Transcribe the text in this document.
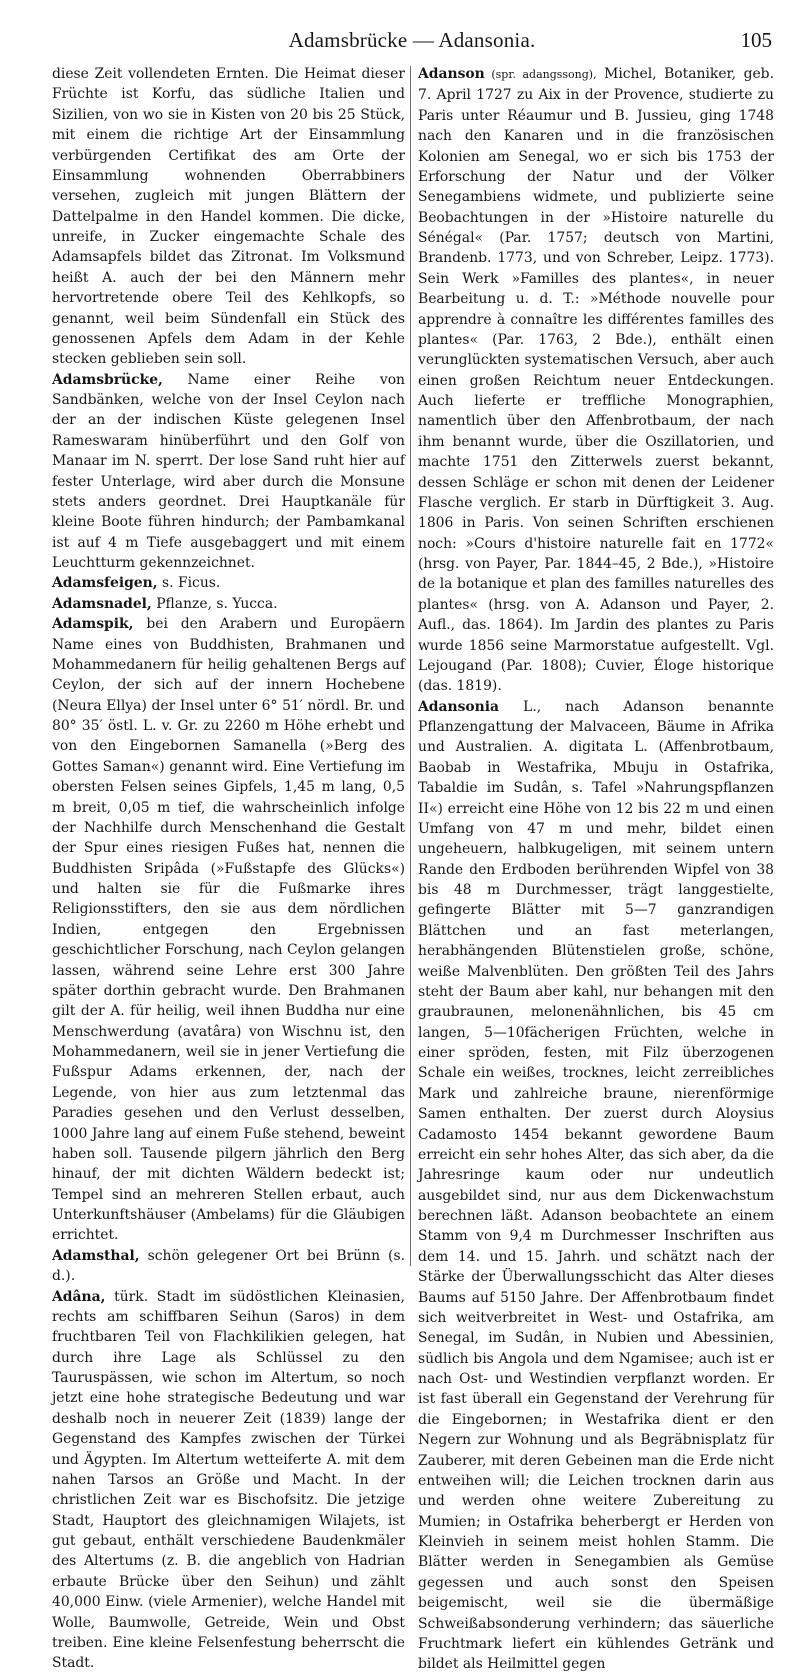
Adamsbrücke — Adansonia.	105

diese Zeit vollendeten Ernten. Die Heimat dieser Früchte ist Korfu, das südliche Italien und Sizilien, von wo sie in Kisten von 20 bis 25 Stück, mit einem die richtige Art der Einsammlung verbürgenden Certifikat des am Orte der Einsammlung wohnenden Oberrabbiners versehen, zugleich mit jungen Blättern der Dattelpalme in den Handel kommen. Die dicke, unreife, in Zucker eingemachte Schale des Adamsapfels bildet das Zitronat. Im Volksmund heißt A. auch der bei den Männern mehr hervortretende obere Teil des Kehlkopfs, so genannt, weil beim Sündenfall ein Stück des genossenen Apfels dem Adam in der Kehle stecken geblieben sein soll.

Adamsbrücke, Name einer Reihe von Sandbänken, welche von der Insel Ceylon nach der an der indischen Küste gelegenen Insel Rameswaram hinüberführt und den Golf von Manaar im N. sperrt. Der lose Sand ruht hier auf fester Unterlage, wird aber durch die Monsune stets anders geordnet. Drei Hauptkanäle für kleine Boote führen hindurch; der Pambamkanal ist auf 4 m Tiefe ausgebaggert und mit einem Leuchtturm gekennzeichnet.

Adamsfeigen, s. Ficus.

Adamsnadel, Pflanze, s. Yucca.

Adamspik, bei den Arabern und Europäern Name eines von Buddhisten, Brahmanen und Mohammedanern für heilig gehaltenen Bergs auf Ceylon, der sich auf der innern Hochebene (Neura Ellya) der Insel unter 6° 51′ nördl. Br. und 80° 35′ östl. L. v. Gr. zu 2260 m Höhe erhebt und von den Eingebornen Samanella (»Berg des Gottes Saman«) genannt wird. Eine Vertiefung im obersten Felsen seines Gipfels, 1,45 m lang, 0,5 m breit, 0,05 m tief, die wahrscheinlich infolge der Nachhilfe durch Menschenhand die Gestalt der Spur eines riesigen Fußes hat, nennen die Buddhisten Sripâda (»Fußstapfe des Glücks«) und halten sie für die Fußmarke ihres Religionsstifters, den sie aus dem nördlichen Indien, entgegen den Ergebnissen geschichtlicher Forschung, nach Ceylon gelangen lassen, während seine Lehre erst 300 Jahre später dorthin gebracht wurde. Den Brahmanen gilt der A. für heilig, weil ihnen Buddha nur eine Menschwerdung (avatâra) von Wischnu ist, den Mohammedanern, weil sie in jener Vertiefung die Fußspur Adams erkennen, der, nach der Legende, von hier aus zum letztenmal das Paradies gesehen und den Verlust desselben, 1000 Jahre lang auf einem Fuße stehend, beweint haben soll. Tausende pilgern jährlich den Berg hinauf, der mit dichten Wäldern bedeckt ist; Tempel sind an mehreren Stellen erbaut, auch Unterkunftshäuser (Ambelams) für die Gläubigen errichtet.

Adamsthal, schön gelegener Ort bei Brünn (s. d.).

Adâna, türk. Stadt im südöstlichen Kleinasien, rechts am schiffbaren Seihun (Saros) in dem fruchtbaren Teil von Flachkilikien gelegen, hat durch ihre Lage als Schlüssel zu den Tauruspässen, wie schon im Altertum, so noch jetzt eine hohe strategische Bedeutung und war deshalb noch in neuerer Zeit (1839) lange der Gegenstand des Kampfes zwischen der Türkei und Ägypten. Im Altertum wetteiferte A. mit dem nahen Tarsos an Größe und Macht. In der christlichen Zeit war es Bischofsitz. Die jetzige Stadt, Hauptort des gleichnamigen Wilajets, ist gut gebaut, enthält verschiedene Baudenkmäler des Altertums (z. B. die angeblich von Hadrian erbaute Brücke über den Seihun) und zählt 40,000 Einw. (viele Armenier), welche Handel mit Wolle, Baumwolle, Getreide, Wein und Obst treiben. Eine kleine Felsenfestung beherrscht die Stadt.

Adanson (spr. adangssong), Michel, Botaniker, geb. 7. April 1727 zu Aix in der Provence, studierte zu Paris unter Réaumur und B. Jussieu, ging 1748 nach den Kanaren und in die französischen Kolonien am Senegal, wo er sich bis 1753 der Erforschung der Natur und der Völker Senegambiens widmete, und publizierte seine Beobachtungen in der »Histoire naturelle du Sénégal« (Par. 1757; deutsch von Martini, Brandenb. 1773, und von Schreber, Leipz. 1773). Sein Werk »Familles des plantes«, in neuer Bearbeitung u. d. T.: »Méthode nouvelle pour apprendre à connaître les différentes familles des plantes« (Par. 1763, 2 Bde.), enthält einen verunglückten systematischen Versuch, aber auch einen großen Reichtum neuer Entdeckungen. Auch lieferte er treffliche Monographien, namentlich über den Affenbrotbaum, der nach ihm benannt wurde, über die Oszillatorien, und machte 1751 den Zitterwels zuerst bekannt, dessen Schläge er schon mit denen der Leidener Flasche verglich. Er starb in Dürftigkeit 3. Aug. 1806 in Paris. Von seinen Schriften erschienen noch: »Cours d'histoire naturelle fait en 1772« (hrsg. von Payer, Par. 1844–45, 2 Bde.), »Histoire de la botanique et plan des familles naturelles des plantes« (hrsg. von A. Adanson und Payer, 2. Aufl., das. 1864). Im Jardin des plantes zu Paris wurde 1856 seine Marmorstatue aufgestellt. Vgl. Lejougand (Par. 1808); Cuvier, Éloge historique (das. 1819).

Adansonia L., nach Adanson benannte Pflanzengattung der Malvaceen, Bäume in Afrika und Australien. A. digitata L. (Affenbrotbaum, Baobab in Westafrika, Mbuju in Ostafrika, Tabaldie im Sudân, s. Tafel »Nahrungspflanzen II«) erreicht eine Höhe von 12 bis 22 m und einen Umfang von 47 m und mehr, bildet einen ungeheuern, halbkugeligen, mit seinem untern Rande den Erdboden berührenden Wipfel von 38 bis 48 m Durchmesser, trägt langgestielte, gefingerte Blätter mit 5—7 ganzrandigen Blättchen und an fast meterlangen, herabhängenden Blütenstielen große, schöne, weiße Malvenblüten. Den größten Teil des Jahrs steht der Baum aber kahl, nur behangen mit den graubraunen, melonenähnlichen, bis 45 cm langen, 5—10fächerigen Früchten, welche in einer spröden, festen, mit Filz überzogenen Schale ein weißes, trocknes, leicht zerreibliches Mark und zahlreiche braune, nierenförmige Samen enthalten. Der zuerst durch Aloysius Cadamosto 1454 bekannt gewordene Baum erreicht ein sehr hohes Alter, das sich aber, da die Jahresringe kaum oder nur undeutlich ausgebildet sind, nur aus dem Dickenwachstum berechnen läßt. Adanson beobachtete an einem Stamm von 9,4 m Durchmesser Inschriften aus dem 14. und 15. Jahrh. und schätzt nach der Stärke der Überwallungsschicht das Alter dieses Baums auf 5150 Jahre. Der Affenbrotbaum findet sich weitverbreitet in West- und Ostafrika, am Senegal, im Sudân, in Nubien und Abessinien, südlich bis Angola und dem Ngamisee; auch ist er nach Ost- und Westindien verpflanzt worden. Er ist fast überall ein Gegenstand der Verehrung für die Eingebornen; in Westafrika dient er den Negern zur Wohnung und als Begräbnisplatz für Zauberer, mit deren Gebeinen man die Erde nicht entweihen will; die Leichen trocknen darin aus und werden ohne weitere Zubereitung zu Mumien; in Ostafrika beherbergt er Herden von Kleinvieh in seinem meist hohlen Stamm. Die Blätter werden in Senegambien als Gemüse gegessen und auch sonst den Speisen beigemischt, weil sie die übermäßige Schweißabsonderung verhindern; das säuerliche Fruchtmark liefert ein kühlendes Getränk und bildet als Heilmittel gegen
